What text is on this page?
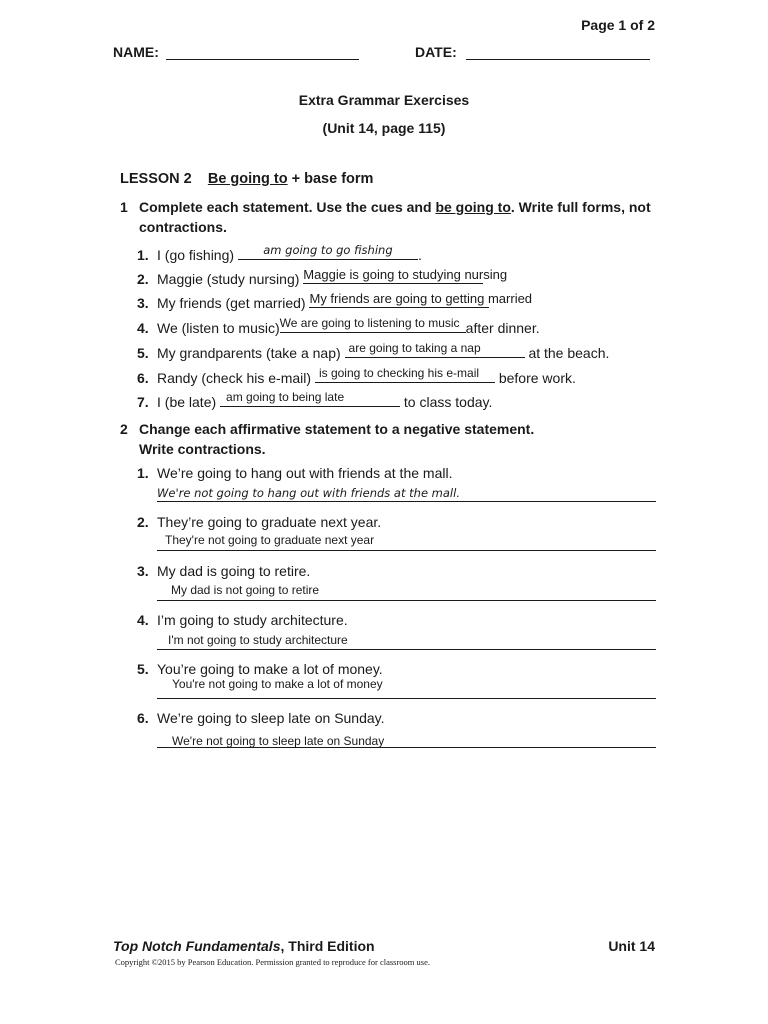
Page 1 of 2
NAME:	DATE:
Extra Grammar Exercises
(Unit 14, page 115)
LESSON 2 Be going to + base form
1 Complete each statement. Use the cues and be going to. Write full forms, not contractions.
1. I (go fishing)	am going to go fishing	.
2. Maggie (study nursing) Maggie is going to studying nursing
3. My friends (get married) My friends are going to getting married
4. We (listen to music) We are going to listening to music after dinner.
5. My grandparents (take a nap) are going to taking a nap	at the beach.
6. Randy (check his e-mail) is going to checking his e-mail	before work.
7. I (be late) am going to being late	to class today.
2 Change each affirmative statement to a negative statement.
Write contractions.
1. We’re going to hang out with friends at the mall.
We're not going to hang out with friends at the mall.
2. They’re going to graduate next year.
They're not going to graduate next year
3. My dad is going to retire.
My dad is not going to retire
4. I’m going to study architecture.
I'm not going to study architecture
5. You’re going to make a lot of money.
You're not going to make a lot of money
6. We’re going to sleep late on Sunday.
We're not going to sleep late on Sunday
Top Notch Fundamentals, Third Edition	Unit 14
Copyright ©2015 by Pearson Education. Permission granted to reproduce for classroom use.
